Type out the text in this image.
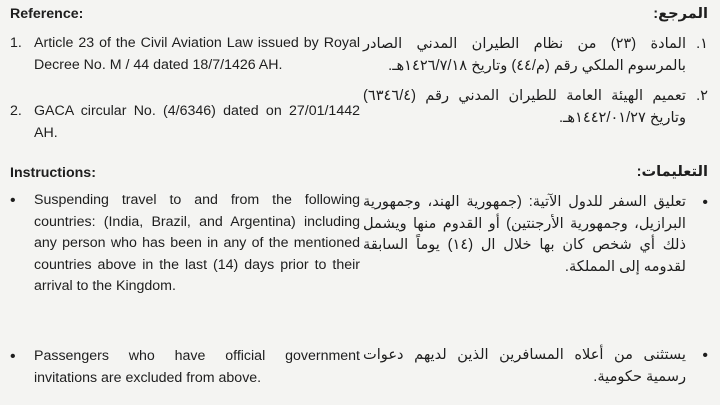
Reference:
1. Article 23 of the Civil Aviation Law issued by Royal Decree No. M / 44 dated 18/7/1426 AH.
2. GACA circular No. (4/6346) dated on 27/01/1442 AH.
Instructions:
• Suspending travel to and from the following countries: (India, Brazil, and Argentina) including any person who has been in any of the mentioned countries above in the last (14) days prior to their arrival to the Kingdom.
• Passengers who have official government invitations are excluded from above.
المرجع:
١.
المادة (٢٣) من نظام الطيران المدني الصادر بالمرسوم الملكي رقم (م/٤٤) وتاريخ ١٤٢٦/٧/١٨هـ.
٢.
تعميم الهيئة العامة للطيران المدني رقم (٦٣٤٦/٤) وتاريخ ١٤٤٢/٠١/٢٧هـ.
التعليمات:
•
تعليق السفر للدول الآتية: (جمهورية الهند، وجمهورية البرازيل، وجمهورية الأرجنتين) أو القدوم منها ويشمل ذلك أي شخص كان بها خلال ال (١٤) يوماً السابقة لقدومه إلى المملكة.
•
يستثنى من أعلاه المسافرين الذين لديهم دعوات رسمية حكومية.
